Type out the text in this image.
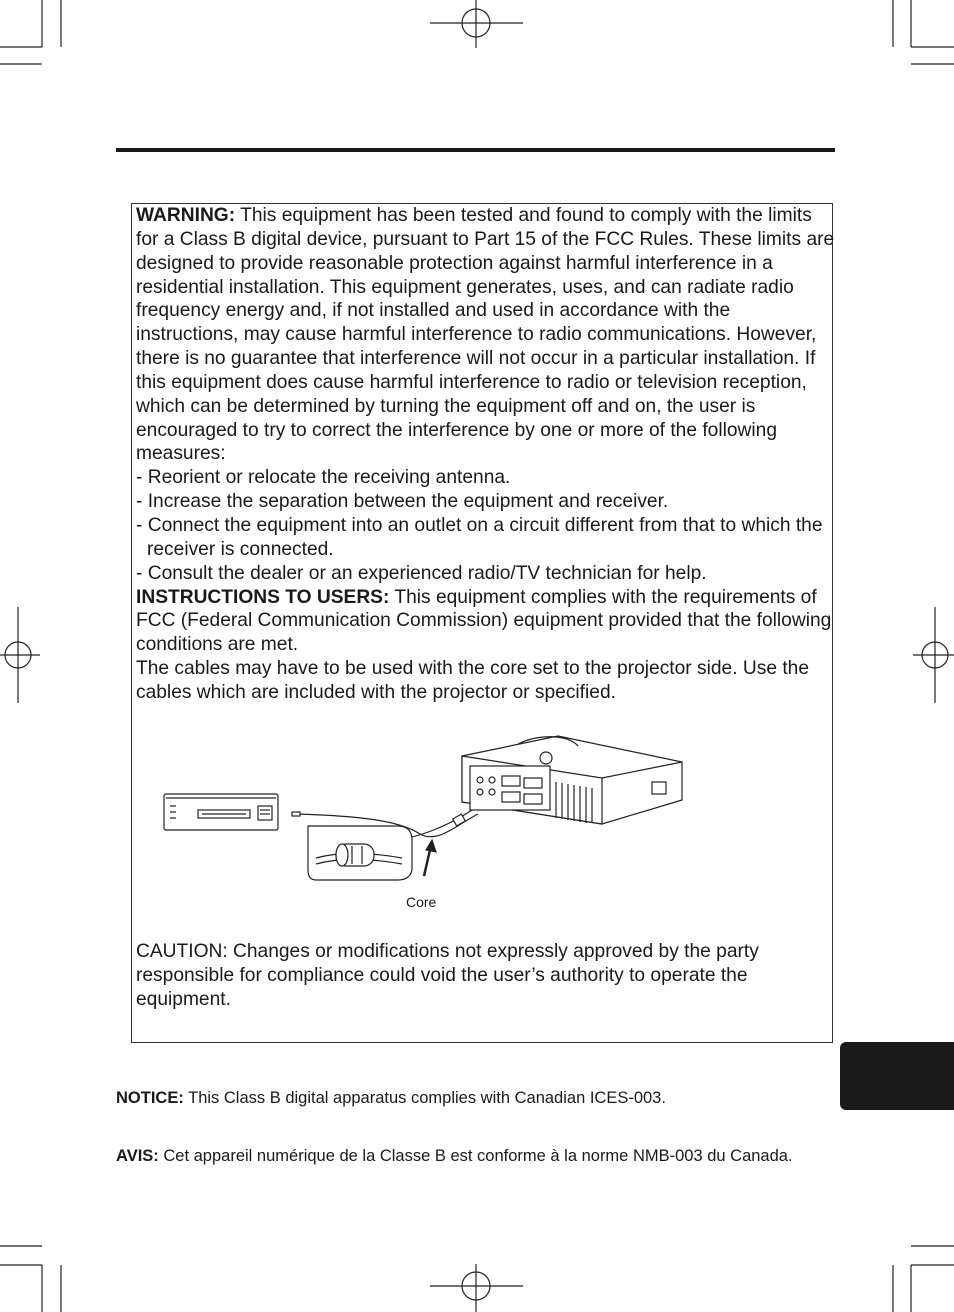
WARNING: This equipment has been tested and found to comply with the limits for a Class B digital device, pursuant to Part 15 of the FCC Rules. These limits are designed to provide reasonable protection against harmful interference in a residential installation. This equipment generates, uses, and can radiate radio frequency energy and, if not installed and used in accordance with the instructions, may cause harmful interference to radio communications. However, there is no guarantee that interference will not occur in a particular installation. If this equipment does cause harmful interference to radio or television reception, which can be determined by turning the equipment off and on, the user is encouraged to try to correct the interference by one or more of the following measures:

- Reorient or relocate the receiving antenna.

- Increase the separation between the equipment and receiver.

- Connect the equipment into an outlet on a circuit different from that to which the receiver is connected.

- Consult the dealer or an experienced radio/TV technician for help.

INSTRUCTIONS TO USERS: This equipment complies with the requirements of FCC (Federal Communication Commission) equipment provided that the following conditions are met.

The cables may have to be used with the core set to the projector side. Use the cables which are included with the projector or specified.

Core

CAUTION: Changes or modifications not expressly approved by the party responsible for compliance could void the user’s authority to operate the equipment.

NOTICE: This Class B digital apparatus complies with Canadian ICES-003.

AVIS: Cet appareil numérique de la Classe B est conforme à la norme NMB-003 du Canada.
